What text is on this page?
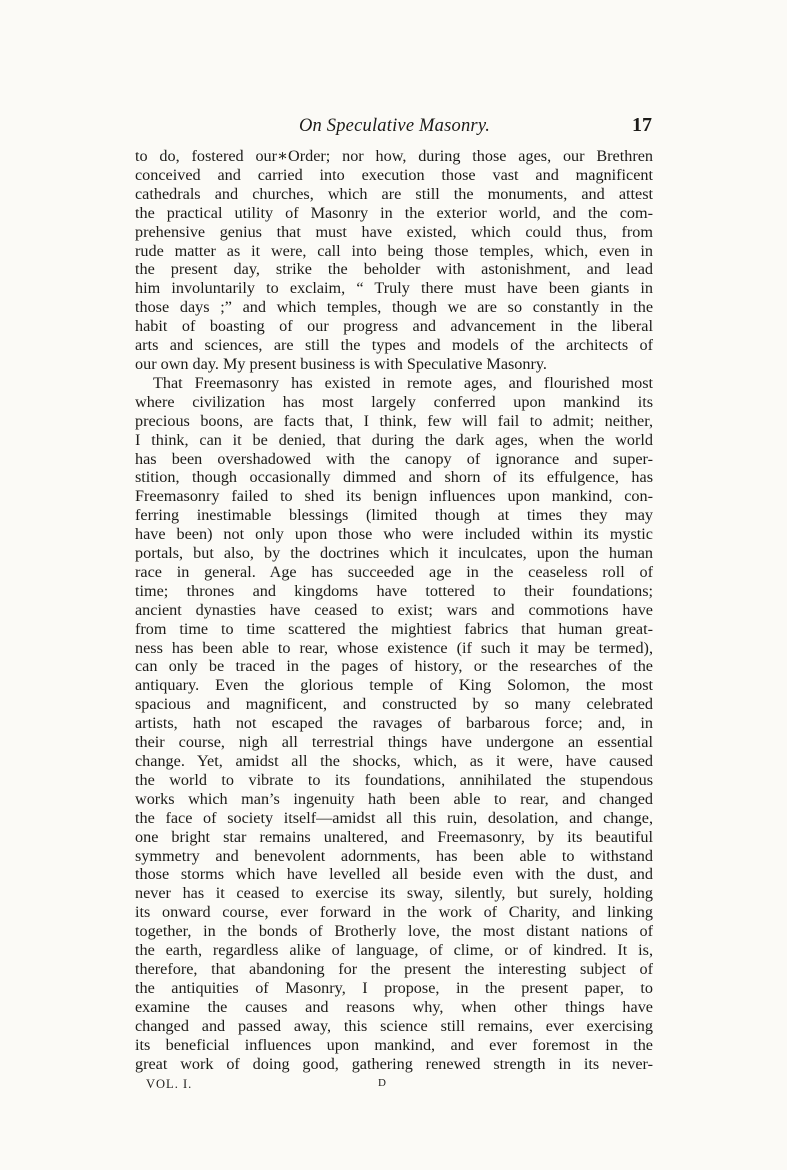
On Speculative Masonry.	17
to do, fostered our∗Order; nor how, during those ages, our Brethren
conceived and carried into execution those vast and magnificent
cathedrals and churches, which are still the monuments, and attest
the practical utility of Masonry in the exterior world, and the com-
prehensive genius that must have existed, which could thus, from
rude matter as it were, call into being those temples, which, even in
the present day, strike the beholder with astonishment, and lead
him involuntarily to exclaim, “ Truly there must have been giants in
those days ;” and which temples, though we are so constantly in the
habit of boasting of our progress and advancement in the liberal
arts and sciences, are still the types and models of the architects of
our own day. My present business is with Speculative Masonry.
That Freemasonry has existed in remote ages, and flourished most
where civilization has most largely conferred upon mankind its
precious boons, are facts that, I think, few will fail to admit; neither,
I think, can it be denied, that during the dark ages, when the world
has been overshadowed with the canopy of ignorance and super-
stition, though occasionally dimmed and shorn of its effulgence, has
Freemasonry failed to shed its benign influences upon mankind, con-
ferring inestimable blessings (limited though at times they may
have been) not only upon those who were included within its mystic
portals, but also, by the doctrines which it inculcates, upon the human
race in general. Age has succeeded age in the ceaseless roll of
time; thrones and kingdoms have tottered to their foundations;
ancient dynasties have ceased to exist; wars and commotions have
from time to time scattered the mightiest fabrics that human great-
ness has been able to rear, whose existence (if such it may be termed),
can only be traced in the pages of history, or the researches of the
antiquary. Even the glorious temple of King Solomon, the most
spacious and magnificent, and constructed by so many celebrated
artists, hath not escaped the ravages of barbarous force; and, in
their course, nigh all terrestrial things have undergone an essential
change. Yet, amidst all the shocks, which, as it were, have caused
the world to vibrate to its foundations, annihilated the stupendous
works which man’s ingenuity hath been able to rear, and changed
the face of society itself—amidst all this ruin, desolation, and change,
one bright star remains unaltered, and Freemasonry, by its beautiful
symmetry and benevolent adornments, has been able to withstand
those storms which have levelled all beside even with the dust, and
never has it ceased to exercise its sway, silently, but surely, holding
its onward course, ever forward in the work of Charity, and linking
together, in the bonds of Brotherly love, the most distant nations of
the earth, regardless alike of language, of clime, or of kindred. It is,
therefore, that abandoning for the present the interesting subject of
the antiquities of Masonry, I propose, in the present paper, to
examine the causes and reasons why, when other things have
changed and passed away, this science still remains, ever exercising
its beneficial influences upon mankind, and ever foremost in the
great work of doing good, gathering renewed strength in its never-
VOL. I.	D
